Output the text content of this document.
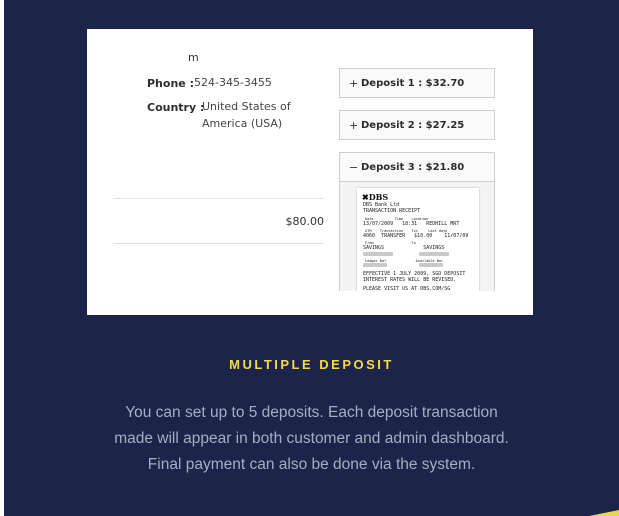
m
Phone : 524-345-3455
Country :
United States of
America (USA)
$80.00
+ Deposit 1 : $32.70
+ Deposit 2 : $27.25
− Deposit 3 : $21.80
✖DBS
DBS Bank Ltd
TRANSACTION RECEIPT
Date          Time    Location
13/07/2009   18:31   REDHILL MRT
ATM    Transaction    Txn     Last date
4060  TRANSFER   $10.00    11/07/09
From                  To
SAVINGS             SAVINGS
Ledger Bal              Available Bal
EFFECTIVE 1 JULY 2009, SGD DEPOSIT
INTEREST RATES WILL BE REVISED.
PLEASE VISIT US AT DBS.COM/SG
MULTIPLE DEPOSIT
You can set up to 5 deposits. Each deposit transaction
made will appear in both customer and admin dashboard.
Final payment can also be done via the system.
